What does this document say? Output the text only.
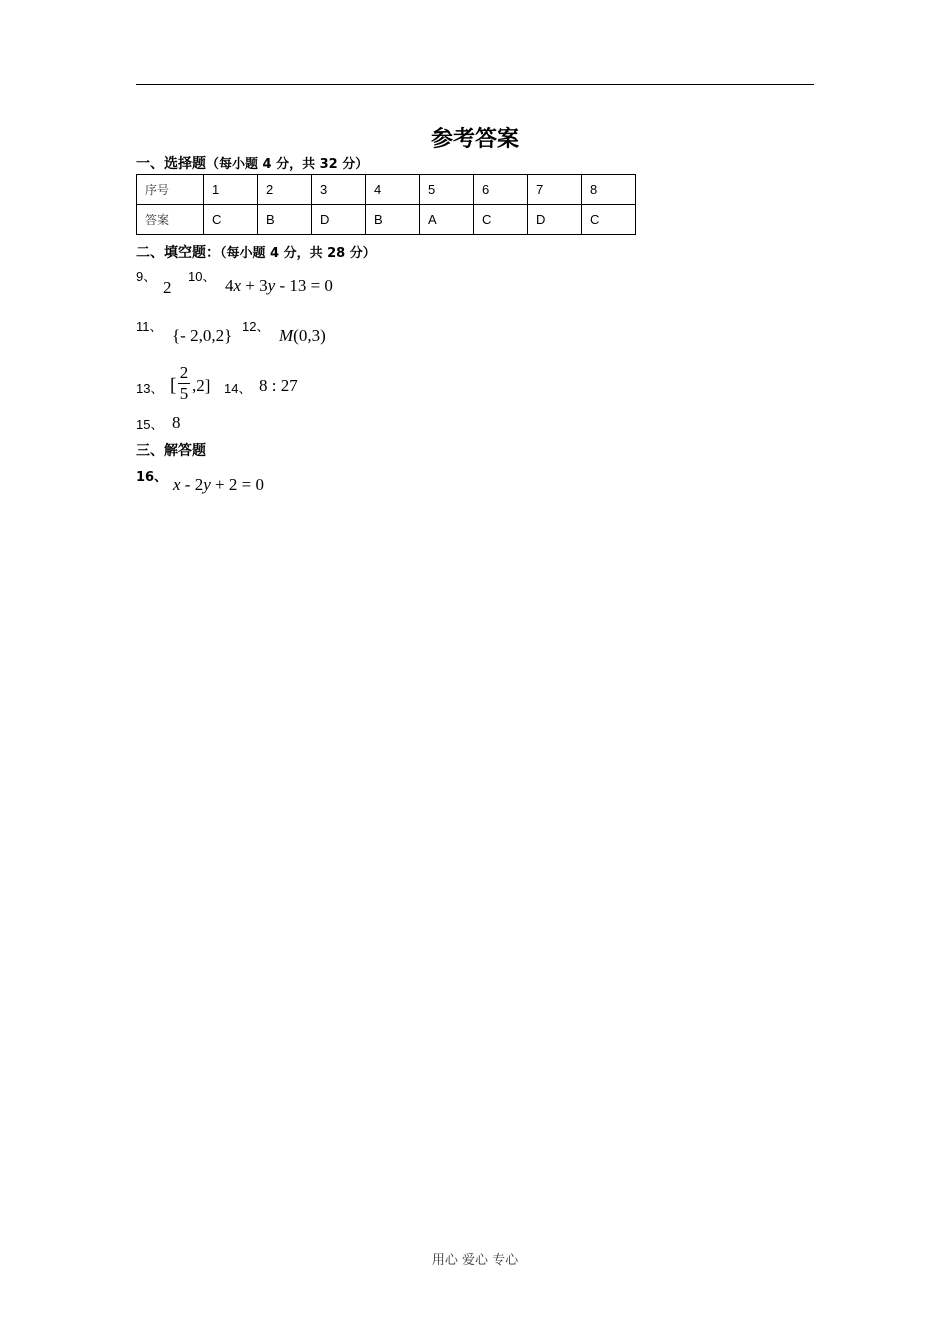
参考答案
一、选择题（每小题 4 分，共 32 分）
序号	1	2	3	4	5	6	7	8
答案	C	B	D	B	A	C	D	C
二、填空题：（每小题 4 分，共 28 分）
9、
2
10、 4x + 3y - 13 = 0
11、 {- 2,0,2} 12、 M(0,3)
13、 [
2
5 ,2] 14、 8 : 27
15、 8
三、解答题
16、 x - 2y + 2 = 0
用心 爱心 专心
